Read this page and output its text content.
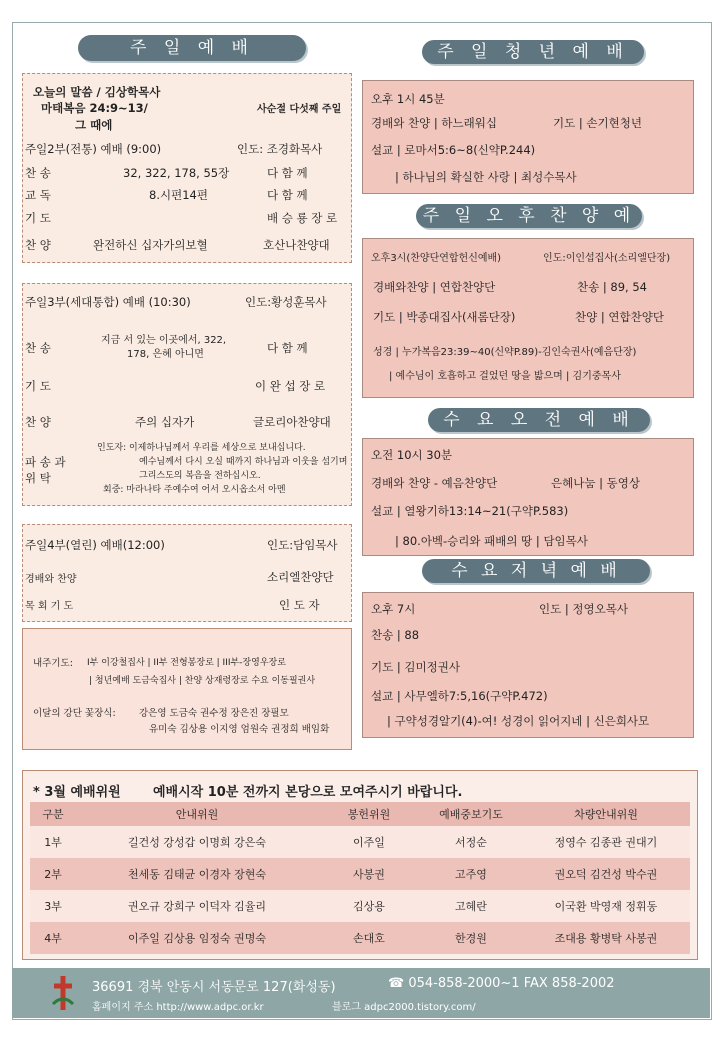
주 일 예 배
오늘의 말씀 / 김상학목사
마태복음 24:9~13/	사순절 다섯째 주일
그 때에
주일2부(전통) 예배 (9:00)	인도: 조경화목사
찬 송	32, 322, 178, 55장	다 함 께
교 독	8.시편14편	다 함 께
기 도	배 승 룡 장 로
찬 양	완전하신 십자가의보혈	호산나찬양대
주일3부(세대통합) 예배 (10:30)	인도:황성훈목사
찬 송
지금 서 있는 이곳에서, 322,
178, 은혜 아니면	다 함 께
기 도	이 완 섭 장 로
찬 양	주의 십자가	글로리아찬양대
파 송 과
위 탁
인도자: 이제하나님께서 우리를 세상으로 보내십니다.
예수님께서 다시 오실 때까지 하나님과 이웃을 섬기며
그리스도의 복음을 전하십시오.
회중: 마라나타 주예수여 어서 오시옵소서 아멘
주일4부(열린) 예배(12:00)	인도:담임목사
경배와 찬양	소리엘찬양단
목 회 기 도	인 도 자
내주기도: I부 이강철집사 | II부 전형봉장로 | III부-장영우장로
| 청년예배 도금숙집사 | 찬양 상재령장로 수요 이동필권사
이달의 강단 꽃장식: 강은영 도금숙 권수정 장은진 장필모
유미숙 김상용 이지영 엄원숙 권정희 배임화
주 일 청 년 예 배
오후 1시 45분
경배와 찬양 | 하느래워십	기도 | 손기현청년
설교 | 로마서5:6~8(신약P.244)
| 하나님의 확실한 사랑 | 최성수목사
주 일 오 후 찬 양 예
오후3시(찬양단연합헌신예배)	인도:이인섭집사(소리엘단장)
경배와찬양 | 연합찬양단	찬송 | 89, 54
기도 | 박종대집사(새롬단장)	찬양 | 연합찬양단
성경 | 누가복음23:39~40(신약P.89)-김인숙권사(예음단장)
| 예수님이 호흡하고 걸었던 땅을 밟으며 | 김기중목사
수 요 오 전 예 배
오전 10시 30분
경배와 찬양 - 예음찬양단	은혜나눔 | 동영상
설교 | 열왕기하13:14~21(구약P.583)
| 80.아벡-승리와 패배의 땅 | 담임목사
수 요 저 녁 예 배
오후 7시	인도 | 정영오목사
찬송 | 88
기도 | 김미정권사
설교 | 사무엘하7:5,16(구약P.472)
| 구약성경알기(4)-여! 성경이 읽어지네 | 신은희사모
* 3월 예배위원 예배시작 10분 전까지 본당으로 모여주시기 바랍니다.
구분	안내위원	봉헌위원	예배중보기도	차량안내위원
1부	길건성 강성갑 이명희 강은숙	이주일	서정순	정영수 김종관 권대기
2부	천세동 김태균 이경자 장현숙	사봉권	고주영	권오덕 김건성 박수권
3부	권오규 강희구 이덕자 김율리	김상용	고혜란	이국환 박영재 정휘동
4부	이주일 김상용 임정숙 권명숙	손대호	한경원	조대용 황병탁 사봉권
36691 경북 안동시 서동문로 127(화성동)	☎ 054-858-2000~1 FAX 858-2002
홈페이지 주소 http://www.adpc.or.kr	블로그 adpc2000.tistory.com/
